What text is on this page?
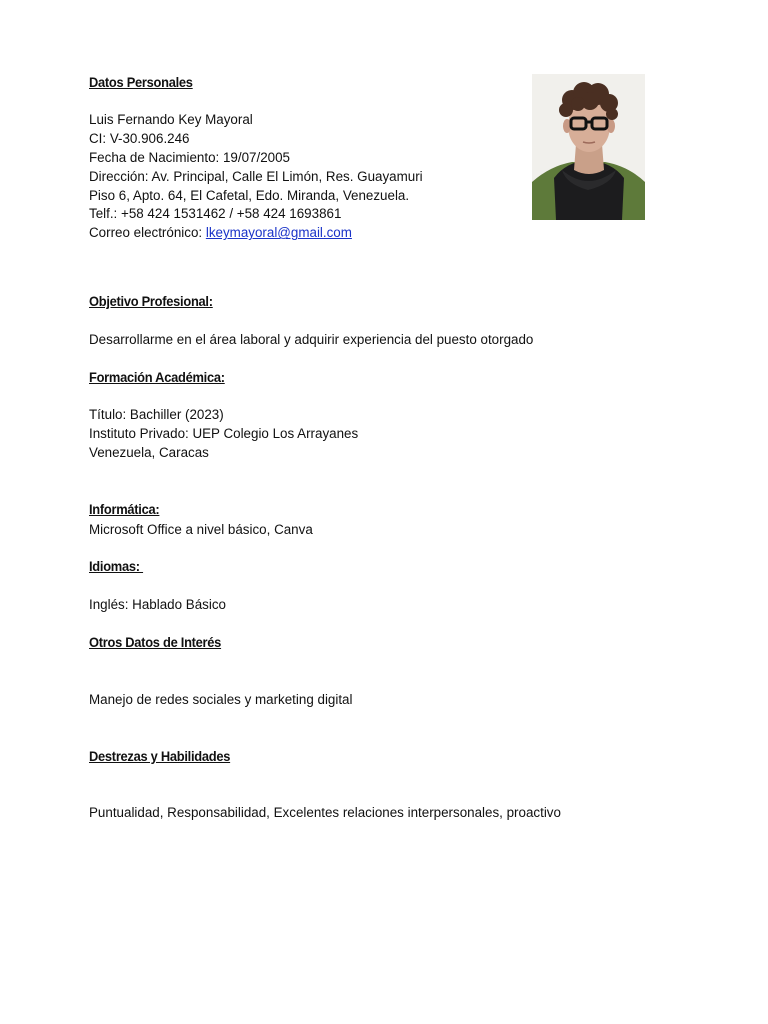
Datos Personales
Luis Fernando Key Mayoral
CI: V-30.906.246
Fecha de Nacimiento: 19/07/2005
Dirección: Av. Principal, Calle El Limón, Res. Guayamuri
Piso 6, Apto. 64, El Cafetal, Edo. Miranda, Venezuela.
Telf.: +58 424 1531462 / +58 424 1693861
Correo electrónico: lkeymayoral@gmail.com
Objetivo Profesional:
Desarrollarme en el área laboral y adquirir experiencia del puesto otorgado
Formación Académica:
Título: Bachiller (2023)
Instituto Privado: UEP Colegio Los Arrayanes
Venezuela, Caracas
Informática:
Microsoft Office a nivel básico, Canva
Idiomas:
Inglés: Hablado Básico
Otros Datos de Interés
Manejo de redes sociales y marketing digital
Destrezas y Habilidades
Puntualidad, Responsabilidad, Excelentes relaciones interpersonales, proactivo
